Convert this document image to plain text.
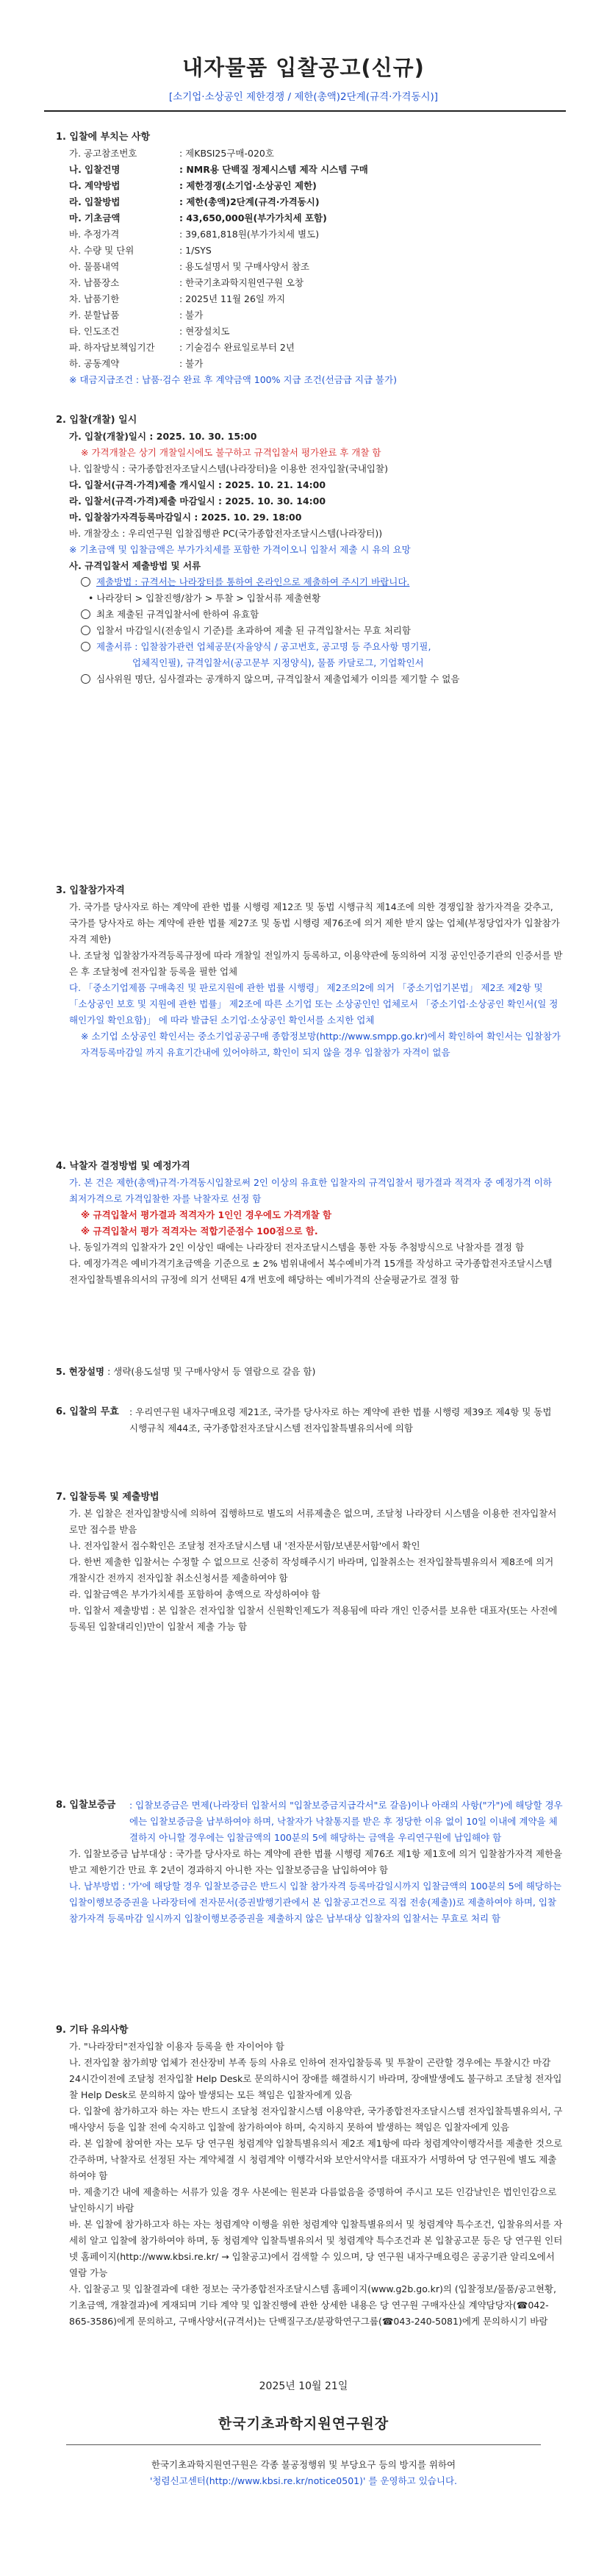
내자물품 입찰공고(신규)
[소기업·소상공인 제한경쟁 / 제한(총액)2단계(규격·가격동시)]
1. 입찰에 부치는 사항
가. 공고참조번호	: 제KBSI25구매-020호
나. 입찰건명	: NMR용 단백질 정제시스템 제작 시스템 구매
다. 계약방법	: 제한경쟁(소기업·소상공인 제한)
라. 입찰방법	: 제한(총액)2단계(규격·가격동시)
마. 기초금액	: 43,650,000원(부가가치세 포함)
바. 추정가격	: 39,681,818원(부가가치세 별도)
사. 수량 및 단위	: 1/SYS
아. 물품내역	: 용도설명서 및 구매사양서 참조
자. 납품장소	: 한국기초과학지원연구원 오창
차. 납품기한	: 2025년 11월 26일 까지
카. 분할납품	: 불가
타. 인도조건	: 현장설치도
파. 하자담보책임기간	: 기술검수 완료일로부터 2년
하. 공동계약	: 불가
※ 대금지급조건 : 납품·검수 완료 후 계약금액 100% 지급 조건(선금급 지급 불가)
2. 입찰(개찰) 일시
가. 입찰(개찰)일시 : 2025. 10. 30. 15:00
※ 가격개찰은 상기 개찰일시에도 불구하고 규격입찰서 평가완료 후 개찰 함
나. 입찰방식 : 국가종합전자조달시스템(나라장터)을 이용한 전자입찰(국내입찰)
다. 입찰서(규격·가격)제출 개시일시 : 2025. 10. 21. 14:00
라. 입찰서(규격·가격)제출 마감일시 : 2025. 10. 30. 14:00
마. 입찰참가자격등록마감일시 : 2025. 10. 29. 18:00
바. 개찰장소 : 우리연구원 입찰집행관 PC(국가종합전자조달시스템(나라장터))
※ 기초금액 및 입찰금액은 부가가치세를 포함한 가격이오니 입찰서 제출 시 유의 요망
사. 규격입찰서 제출방법 및 서류
제출방법 : 규격서는 나라장터를 통하여 온라인으로 제출하여 주시기 바랍니다.
• 나라장터 > 입찰진행/참가 > 투찰 > 입찰서류 제출현황
최초 제출된 규격입찰서에 한하여 유효함
입찰서 마감일시(전송일시 기준)를 초과하여 제출 된 규격입찰서는 무효 처리함
제출서류 : 입찰참가관련 업체공문(자율양식 / 공고번호, 공고명 등 주요사항 명기필,
업체직인필), 규격입찰서(공고문부 지정양식), 물품 카달로그, 기업확인서
심사위원 명단, 심사결과는 공개하지 않으며, 규격입찰서 제출업체가 이의를 제기할 수 없음
3. 입찰참가자격
가. 국가를 당사자로 하는 계약에 관한 법률 시행령 제12조 및 동법 시행규칙 제14조에 의한 경쟁입찰 참가자격을 갖추고, 국가를 당사자로 하는 계약에 관한 법률 제27조 및 동법 시행령 제76조에 의거 제한 받지 않는 업체(부정당업자가 입찰참가자격 제한)
나. 조달청 입찰참가자격등록규정에 따라 개찰일 전일까지 등록하고, 이용약관에 동의하여 지정 공인인증기관의 인증서를 받은 후 조달청에 전자입찰 등록을 필한 업체
다. 「중소기업제품 구매촉진 및 판로지원에 관한 법률 시행령」 제2조의2에 의거 「중소기업기본법」 제2조 제2항 및 「소상공인 보호 및 지원에 관한 법률」 제2조에 따른 소기업 또는 소상공인인 업체로서 「중소기업·소상공인 확인서(일 정해인가일 확인요함)」 에 따라 발급된 소기업·소상공인 확인서를 소지한 업체
※ 소기업 소상공인 확인서는 중소기업공공구매 종합정보망(http://www.smpp.go.kr)에서 확인하여 확인서는 입찰참가자격등록마감일 까지 유효기간내에 있어야하고, 확인이 되지 않을 경우 입찰참가 자격이 없음
4. 낙찰자 결정방법 및 예정가격
가. 본 건은 제한(총액)규격·가격동시입찰로써 2인 이상의 유효한 입찰자의 규격입찰서 평가결과 적격자 중 예정가격 이하 최저가격으로 가격입찰한 자를 낙찰자로 선정 함
※ 규격입찰서 평가결과 적격자가 1인인 경우에도 가격개찰 함
※ 규격입찰서 평가 적격자는 적합기준점수 100점으로 함.
나. 동일가격의 입찰자가 2인 이상인 때에는 나라장터 전자조달시스템을 통한 자동 추첨방식으로 낙찰자를 결정 함
다. 예정가격은 예비가격기초금액을 기준으로 ± 2% 범위내에서 복수예비가격 15개를 작성하고 국가종합전자조달시스템 전자입찰특별유의서의 규정에 의거 선택된 4개 번호에 해당하는 예비가격의 산술평균가로 결정 함
5. 현장설명 : 생략(용도설명 및 구매사양서 등 열람으로 갈음 함)
6. 입찰의 무효	: 우리연구원 내자구매요령 제21조, 국가를 당사자로 하는 계약에 관한 법률 시행령 제39조 제4항 및 동법 시행규칙 제44조, 국가종합전자조달시스템 전자입찰특별유의서에 의함
7. 입찰등록 및 제출방법
가. 본 입찰은 전자입찰방식에 의하여 집행하므로 별도의 서류제출은 없으며, 조달청 나라장터 시스템을 이용한 전자입찰서로만 접수를 받음
나. 전자입찰서 접수확인은 조달청 전자조달시스템 내 '전자문서함/보낸문서함'에서 확인
다. 한번 제출한 입찰서는 수정할 수 없으므로 신중히 작성해주시기 바라며, 입찰취소는 전자입찰특별유의서 제8조에 의거 개찰시간 전까지 전자입찰 취소신청서를 제출하여야 함
라. 입찰금액은 부가가치세를 포함하여 총액으로 작성하여야 함
마. 입찰서 제출방법 : 본 입찰은 전자입찰 입찰서 신원확인제도가 적용됨에 따라 개인 인증서를 보유한 대표자(또는 사전에 등록된 입찰대리인)만이 입찰서 제출 가능 함
8. 입찰보증금	: 입찰보증금은 면제(나라장터 입찰서의 "입찰보증금지급각서"로 갈음)이나 아래의 사항("가")에 해당할 경우에는 입찰보증금을 납부하여야 하며, 낙찰자가 낙찰통지를 받은 후 정당한 이유 없이 10일 이내에 계약을 체결하지 아니할 경우에는 입찰금액의 100분의 5에 해당하는 금액을 우리연구원에 납입해야 함
가. 입찰보증금 납부대상 : 국가를 당사자로 하는 계약에 관한 법률 시행령 제76조 제1항 제1호에 의거 입찰참가자격 제한을 받고 제한기간 만료 후 2년이 경과하지 아니한 자는 입찰보증금을 납입하여야 함
나. 납부방법 : '가'에 해당할 경우 입찰보증금은 반드시 입찰 참가자격 등록마감일시까지 입찰금액의 100분의 5에 해당하는 입찰이행보증증권을 나라장터에 전자문서(증권발행기관에서 본 입찰공고건으로 직접 전송(제출))로 제출하여야 하며, 입찰참가자격 등록마감 일시까지 입찰이행보증증권을 제출하지 않은 납부대상 입찰자의 입찰서는 무효로 처리 함
9. 기타 유의사항
가. "나라장터"전자입찰 이용자 등록을 한 자이어야 함
나. 전자입찰 참가희망 업체가 전산장비 부족 등의 사유로 인하여 전자입찰등록 및 투찰이 곤란할 경우에는 투찰시간 마감 24시간이전에 조달청 전자입찰 Help Desk로 문의하시어 장애를 해결하시기 바라며, 장애발생에도 불구하고 조달청 전자입찰 Help Desk로 문의하지 않아 발생되는 모든 책임은 입찰자에게 있음
다. 입찰에 참가하고자 하는 자는 반드시 조달청 전자입찰시스템 이용약관, 국가종합전자조달시스템 전자입찰특별유의서, 구매사양서 등을 입찰 전에 숙지하고 입찰에 참가하여야 하며, 숙지하지 못하여 발생하는 책임은 입찰자에게 있음
라. 본 입찰에 참여한 자는 모두 당 연구원 청렴계약 입찰특별유의서 제2조 제1항에 따라 청렴계약이행각서를 제출한 것으로 간주하며, 낙찰자로 선정된 자는 계약체결 시 청렴계약 이행각서와 보안서약서를 대표자가 서명하여 당 연구원에 별도 제출하여야 함
마. 제출기간 내에 제출하는 서류가 있을 경우 사본에는 원본과 다름없음을 증명하여 주시고 모든 인감날인은 법인인감으로 날인하시기 바람
바. 본 입찰에 참가하고자 하는 자는 청렴계약 이행을 위한 청렴계약 입찰특별유의서 및 청렴계약 특수조건, 입찰유의서를 자세히 알고 입찰에 참가하여야 하며, 동 청렴계약 입찰특별유의서 및 청렴계약 특수조건과 본 입찰공고문 등은 당 연구원 인터넷 홈페이지(http://www.kbsi.re.kr/ → 입찰공고)에서 검색할 수 있으며, 당 연구원 내자구매요령은 공공기관 알리오에서 열람 가능
사. 입찰공고 및 입찰결과에 대한 정보는 국가종합전자조달시스템 홈페이지(www.g2b.go.kr)의 (입찰정보/물품/공고현황, 기초금액, 개찰결과)에 게재되며 기타 계약 및 입찰진행에 관한 상세한 내용은 당 연구원 구매자산실 계약담당자(☎042-865-3586)에게 문의하고, 구매사양서(규격서)는 단백질구조/분광학연구그룹(☎043-240-5081)에게 문의하시기 바람
2025년 10월 21일
한국기초과학지원연구원장
한국기초과학지원연구원은 각종 불공정행위 및 부당요구 등의 방지를 위하여
'청렴신고센터(http://www.kbsi.re.kr/notice0501)' 를 운영하고 있습니다.
